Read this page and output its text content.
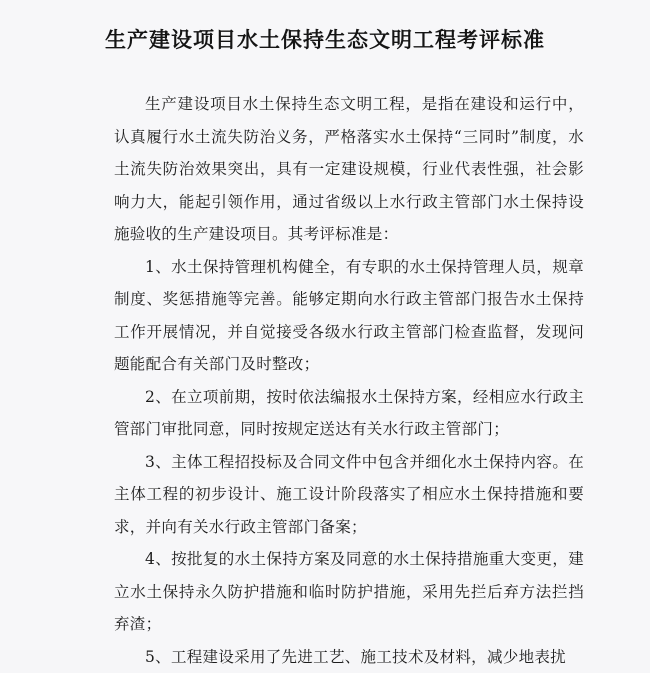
生产建设项目水土保持生态文明工程考评标准

生产建设项目水土保持生态文明工程，是指在建设和运行中，认真履行水土流失防治义务，严格落实水土保持“三同时”制度，水土流失防治效果突出，具有一定建设规模，行业代表性强，社会影响力大，能起引领作用，通过省级以上水行政主管部门水土保持设施验收的生产建设项目。其考评标准是：

1、水土保持管理机构健全，有专职的水土保持管理人员，规章制度、奖惩措施等完善。能够定期向水行政主管部门报告水土保持工作开展情况，并自觉接受各级水行政主管部门检查监督，发现问题能配合有关部门及时整改；

2、在立项前期，按时依法编报水土保持方案，经相应水行政主管部门审批同意，同时按规定送达有关水行政主管部门；

3、主体工程招投标及合同文件中包含并细化水土保持内容。在主体工程的初步设计、施工设计阶段落实了相应水土保持措施和要求，并向有关水行政主管部门备案；

4、按批复的水土保持方案及同意的水土保持措施重大变更，建立水土保持永久防护措施和临时防护措施，采用先拦后弃方法拦挡弃渣；

5、工程建设采用了先进工艺、施工技术及材料，减少地表扰
